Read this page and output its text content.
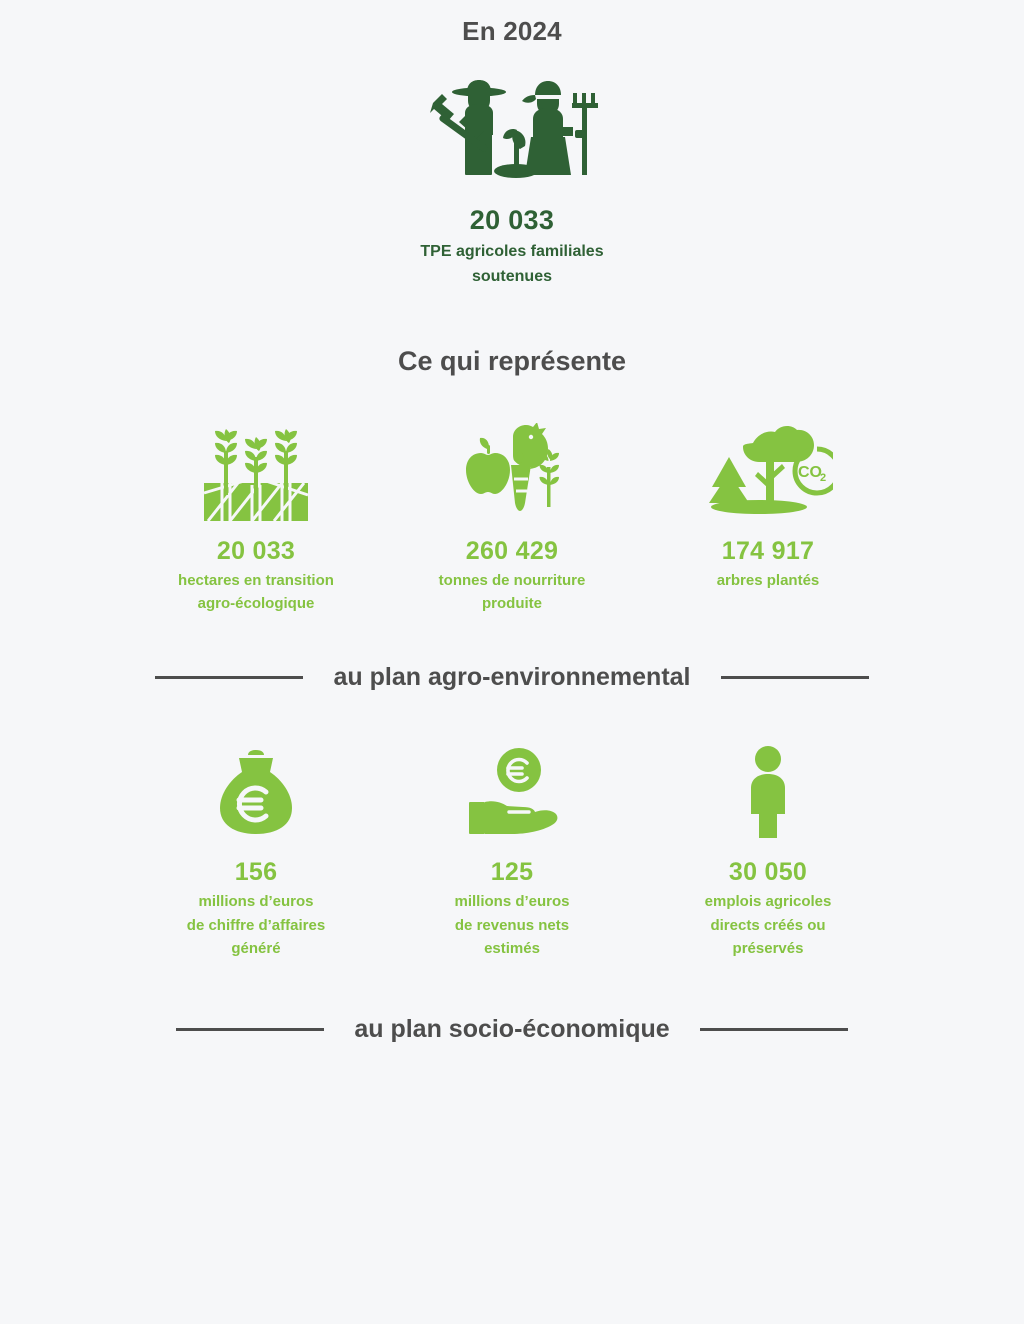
En 2024
20 033
TPE agricoles familiales
soutenues
Ce qui représente
20 033
hectares en transition
agro-écologique
260 429
tonnes de nourriture
produite
CO
2
174 917
arbres plantés
au plan agro-environnemental
156
millions d’euros
de chiffre d’affaires
généré
125
millions d’euros
de revenus nets
estimés
30 050
emplois agricoles
directs créés ou
préservés
au plan socio-économique
